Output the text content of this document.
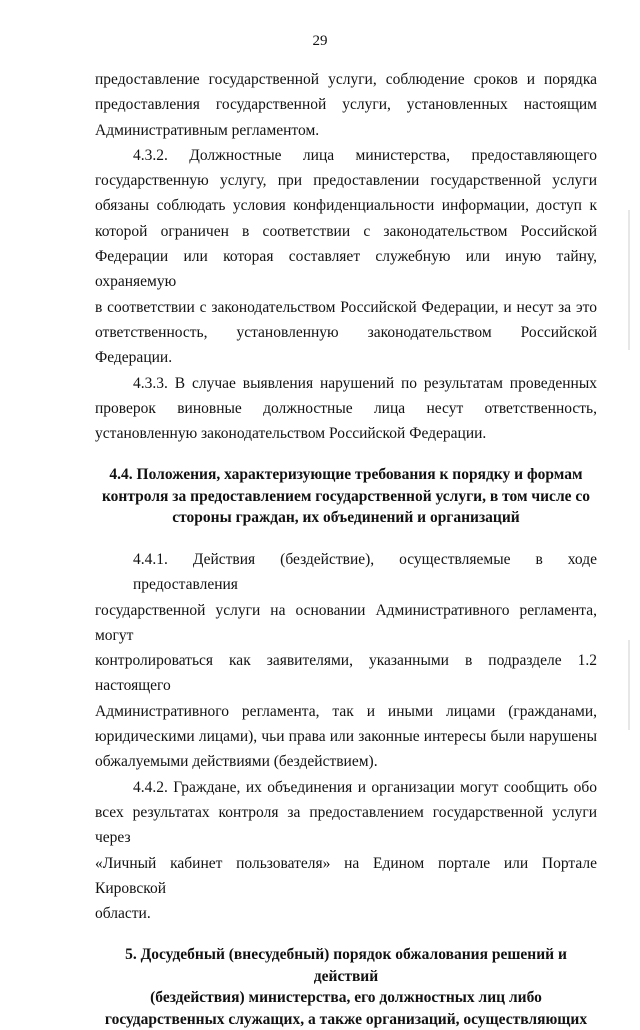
29

предоставление государственной услуги, соблюдение сроков и порядка
предоставления государственной услуги, установленных настоящим
Административным регламентом.

4.3.2. Должностные лица министерства, предоставляющего
государственную услугу, при предоставлении государственной услуги
обязаны соблюдать условия конфиденциальности информации, доступ к
которой ограничен в соответствии с законодательством Российской
Федерации или которая составляет служебную или иную тайну, охраняемую
в соответствии с законодательством Российской Федерации, и несут за это
ответственность, установленную законодательством Российской Федерации.

4.3.3. В случае выявления нарушений по результатам проведенных
проверок виновные должностные лица несут ответственность,
установленную законодательством Российской Федерации.

4.4. Положения, характеризующие требования к порядку и формам
контроля за предоставлением государственной услуги, в том числе со
стороны граждан, их объединений и организаций

4.4.1. Действия (бездействие), осуществляемые в ходе предоставления
государственной услуги на основании Административного регламента, могут
контролироваться как заявителями, указанными в подразделе 1.2 настоящего
Административного регламента, так и иными лицами (гражданами,
юридическими лицами), чьи права или законные интересы были нарушены
обжалуемыми действиями (бездействием).

4.4.2. Граждане, их объединения и организации могут сообщить обо
всех результатах контроля за предоставлением государственной услуги через
«Личный кабинет пользователя» на Едином портале или Портале Кировской
области.

5. Досудебный (внесудебный) порядок обжалования решений и действий
(бездействия) министерства, его должностных лиц либо
государственных служащих, а также организаций, осуществляющих
